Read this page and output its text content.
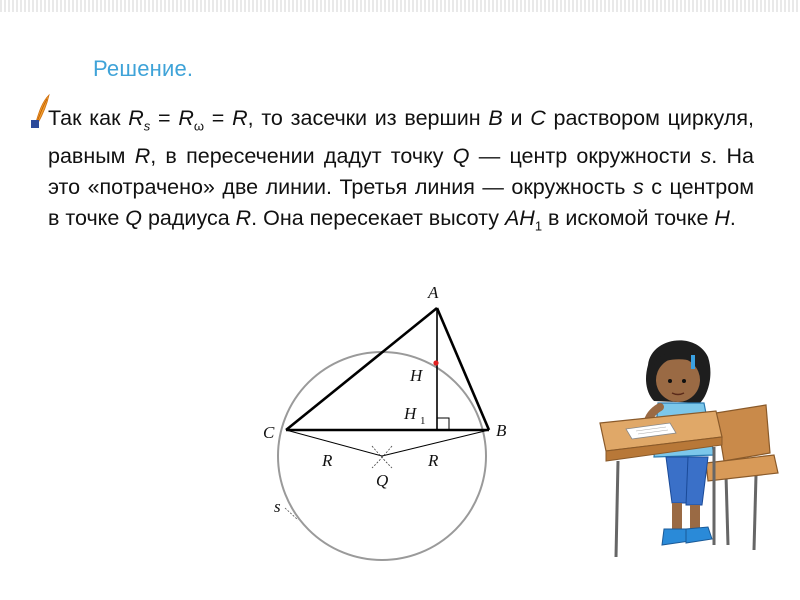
Решение.
Так как $R_s = R_\omega = R$, то засечки из вершин B и C раствором циркуля, равным R, в пересечении дадут точку Q — центр окружности s. На это «потрачено» две линии. Третья линия — окружность s с центром в точке Q радиуса R. Она пересекает высоту $AH_1$ в искомой точке H.
A
B
C
H
H 1
R	R
Q
s
